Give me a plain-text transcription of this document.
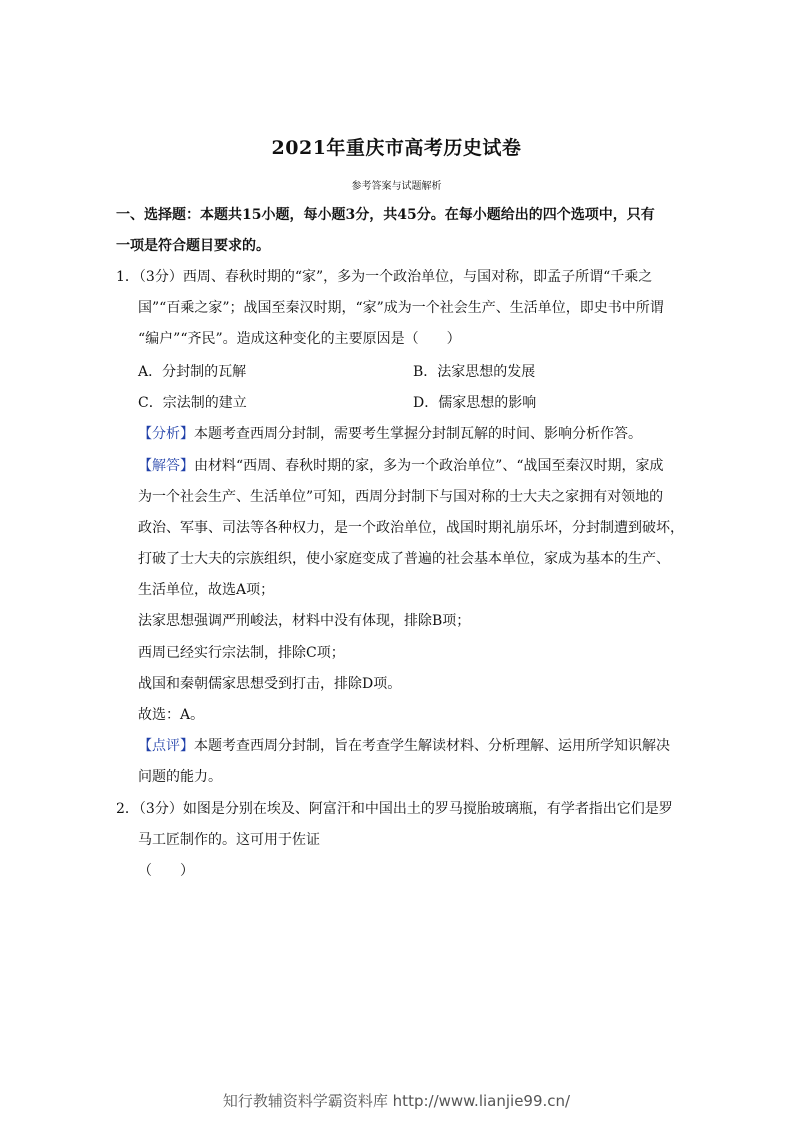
2021年重庆市高考历史试卷
参考答案与试题解析
一、选择题：本题共15小题，每小题3分，共45分。在每小题给出的四个选项中，只有
一项是符合题目要求的。
1．（3分）西周、春秋时期的“家”，多为一个政治单位，与国对称，即孟子所谓“千乘之
国”“百乘之家”；战国至秦汉时期，“家”成为一个社会生产、生活单位，即史书中所谓
“编户”“齐民”。造成这种变化的主要原因是（　　）
A．分封制的瓦解	B．法家思想的发展
C．宗法制的建立	D．儒家思想的影响
【分析】本题考查西周分封制，需要考生掌握分封制瓦解的时间、影响分析作答。
【解答】由材料“西周、春秋时期的家，多为一个政治单位”、“战国至秦汉时期，家成
为一个社会生产、生活单位”可知，西周分封制下与国对称的士大夫之家拥有对领地的
政治、军事、司法等各种权力，是一个政治单位，战国时期礼崩乐坏，分封制遭到破坏，
打破了士大夫的宗族组织，使小家庭变成了普遍的社会基本单位，家成为基本的生产、
生活单位，故选A项；
法家思想强调严刑峻法，材料中没有体现，排除B项；
西周已经实行宗法制，排除C项；
战国和秦朝儒家思想受到打击，排除D项。
故选：A。
【点评】本题考查西周分封制，旨在考查学生解读材料、分析理解、运用所学知识解决
问题的能力。
2．（3分）如图是分别在埃及、阿富汗和中国出土的罗马搅胎玻璃瓶，有学者指出它们是罗
马工匠制作的。这可用于佐证
（　　）
知行教辅资料学霸资料库 http://www.lianjie99.cn/
